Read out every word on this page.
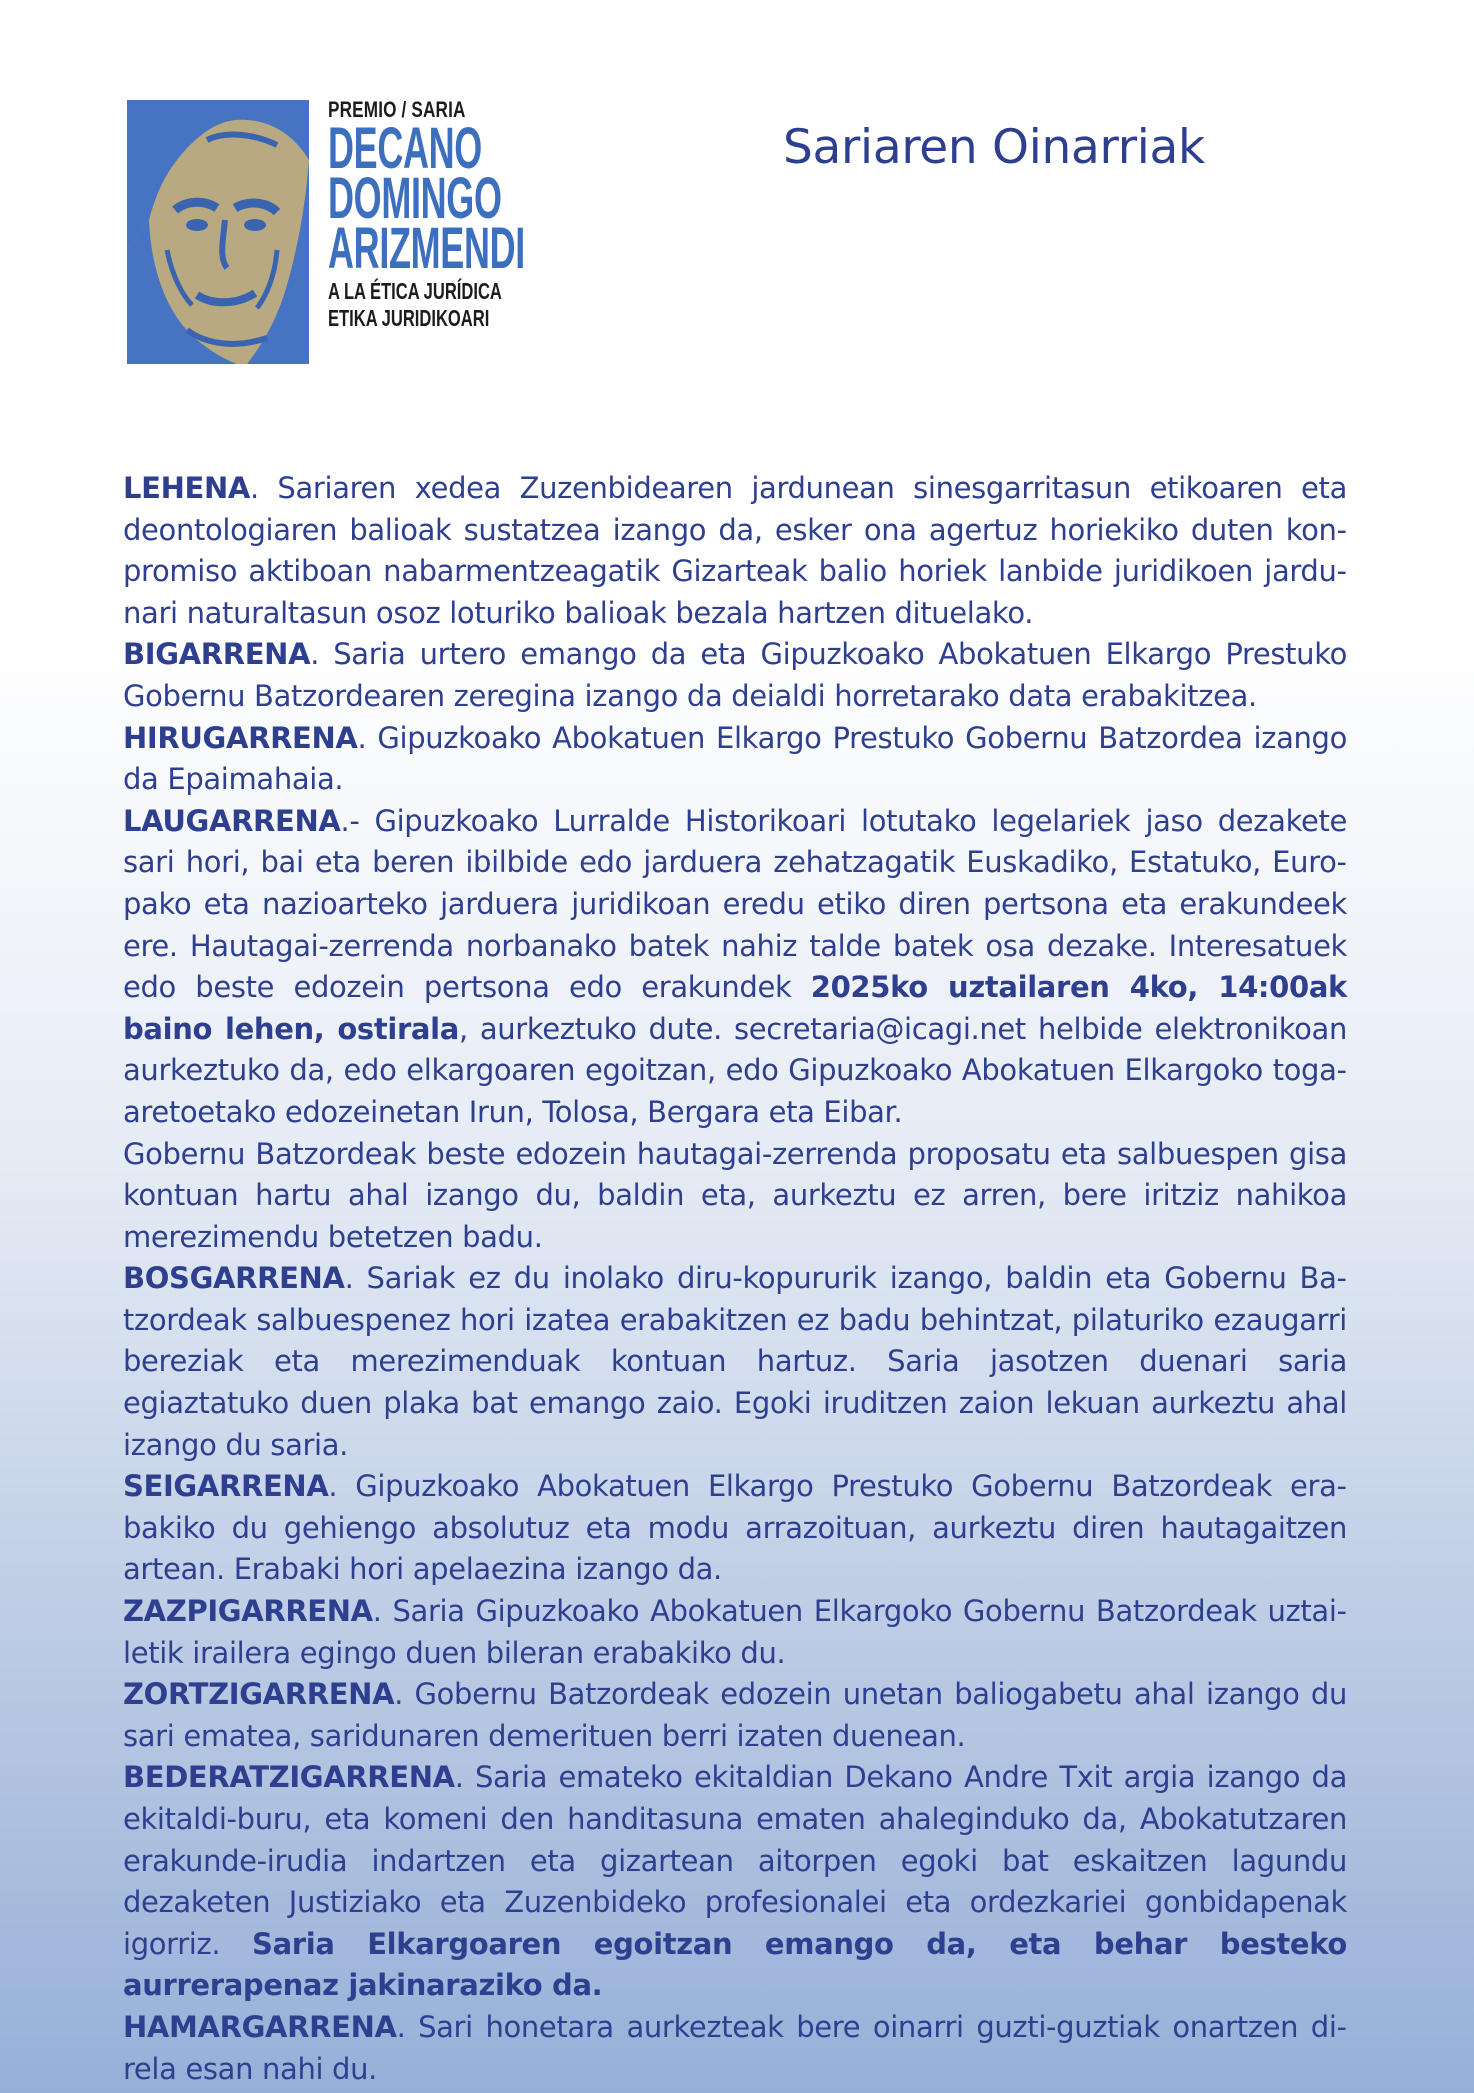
PREMIO / SARIA
DECANO
DOMINGO
ARIZMENDI
A LA ÉTICA JURÍDICA
ETIKA JURIDIKOARI
Sariaren Oinarriak

LEHENA. Sariaren xedea Zuzenbidearen jardunean sinesgarritasun etikoaren eta deontologiaren balioak sustatzea izango da, esker ona agertuz horiekiko duten konpromiso aktiboan nabarmentzeagatik Gizarteak balio horiek lanbide juridikoen jardunari naturaltasun osoz loturiko balioak bezala hartzen dituelako.

BIGARRENA. Saria urtero emango da eta Gipuzkoako Abokatuen Elkargo Prestuko Gobernu Batzordearen zeregina izango da deialdi horretarako data erabakitzea.

HIRUGARRENA. Gipuzkoako Abokatuen Elkargo Prestuko Gobernu Batzordea izango da Epaimahaia.

LAUGARRENA.- Gipuzkoako Lurralde Historikoari lotutako legelariek jaso dezakete sari hori, bai eta beren ibilbide edo jarduera zehatzagatik Euskadiko, Estatuko, Europako eta nazioarteko jarduera juridikoan eredu etiko diren pertsona eta erakundeek ere. Hautagai-zerrenda norbanako batek nahiz talde batek osa dezake. Interesatuek edo beste edozein pertsona edo erakundek 2025ko uztailaren 4ko, 14:00ak baino lehen, ostirala, aurkeztuko dute. secretaria@icagi.net helbide elektronikoan aurkeztuko da, edo elkargoaren egoitzan, edo Gipuzkoako Abokatuen Elkargoko togaaretoetako edozeinetan Irun, Tolosa, Bergara eta Eibar.

Gobernu Batzordeak beste edozein hautagai-zerrenda proposatu eta salbuespen gisa kontuan hartu ahal izango du, baldin eta, aurkeztu ez arren, bere iritziz nahikoa merezimendu betetzen badu.

BOSGARRENA. Sariak ez du inolako diru-kopururik izango, baldin eta Gobernu Batzordeak salbuespenez hori izatea erabakitzen ez badu behintzat, pilaturiko ezaugarri bereziak eta merezimenduak kontuan hartuz. Saria jasotzen duenari saria egiaztatuko duen plaka bat emango zaio. Egoki iruditzen zaion lekuan aurkeztu ahal izango du saria.

SEIGARRENA. Gipuzkoako Abokatuen Elkargo Prestuko Gobernu Batzordeak erabakiko du gehiengo absolutuz eta modu arrazoituan, aurkeztu diren hautagaitzen artean. Erabaki hori apelaezina izango da.

ZAZPIGARRENA. Saria Gipuzkoako Abokatuen Elkargoko Gobernu Batzordeak uztailetik irailera egingo duen bileran erabakiko du.

ZORTZIGARRENA. Gobernu Batzordeak edozein unetan baliogabetu ahal izango du sari ematea, saridunaren demerituen berri izaten duenean.

BEDERATZIGARRENA. Saria emateko ekitaldian Dekano Andre Txit argia izango da ekitaldi-buru, eta komeni den handitasuna ematen ahaleginduko da, Abokatutzaren erakunde-irudia indartzen eta gizartean aitorpen egoki bat eskaitzen lagundu dezaketen Justiziako eta Zuzenbideko profesionalei eta ordezkariei gonbidapenak igorriz. Saria Elkargoaren egoitzan emango da, eta behar besteko aurrerapenaz jakinaraziko da.

HAMARGARRENA. Sari honetara aurkezteak bere oinarri guzti-guztiak onartzen direla esan nahi du.
